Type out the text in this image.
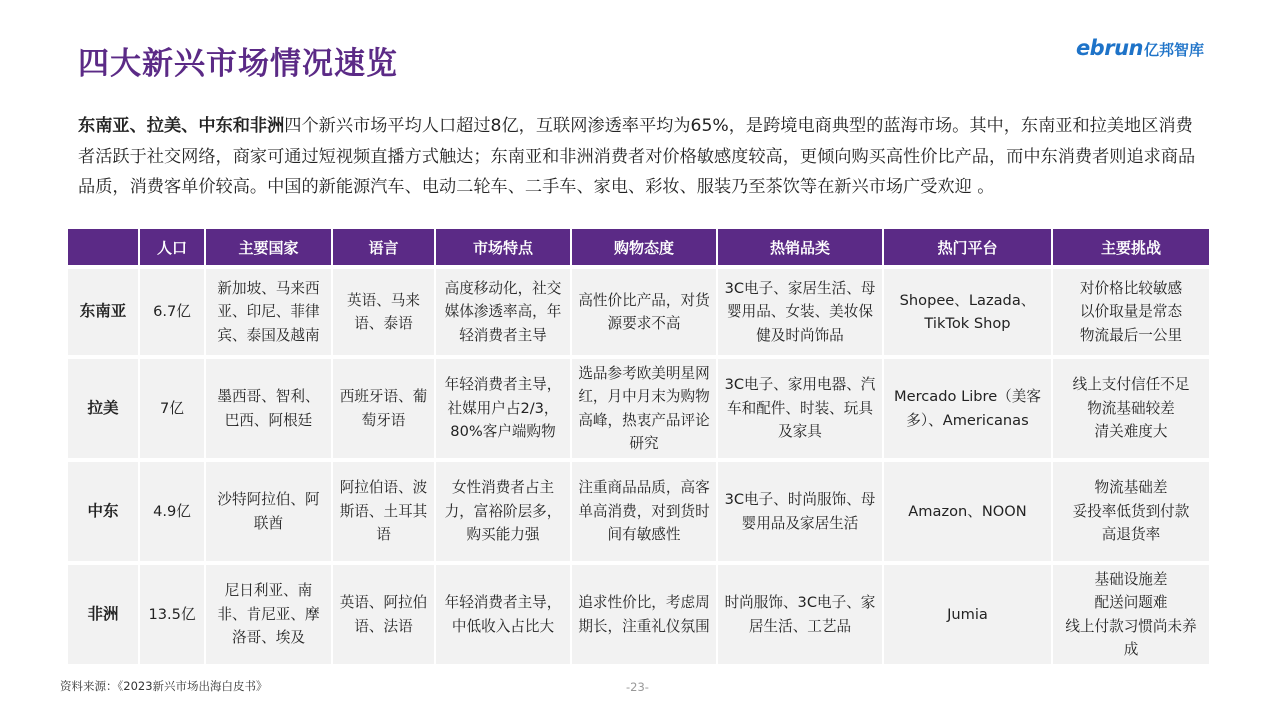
四大新兴市场情况速览	ebrun 亿邦智库
东南亚、拉美、中东和非洲四个新兴市场平均人口超过8亿，互联网渗透率平均为65%，是跨境电商典型的蓝海市场。其中，东南亚和拉美地区消费者活跃于社交网络，商家可通过短视频直播方式触达；东南亚和非洲消费者对价格敏感度较高，更倾向购买高性价比产品，而中东消费者则追求商品品质，消费客单价较高。中国的新能源汽车、电动二轮车、二手车、家电、彩妆、服装乃至茶饮等在新兴市场广受欢迎 。
	人口	主要国家	语言	市场特点	购物态度	热销品类	热门平台	主要挑战
东南亚	6.7亿	新加坡、马来西亚、印尼、菲律宾、泰国及越南	英语、马来语、泰语	高度移动化，社交媒体渗透率高，年轻消费者主导	高性价比产品，对货源要求不高	3C电子、家居生活、母婴用品、女装、美妆保健及时尚饰品	Shopee、Lazada、TikTok Shop	对价格比较敏感
以价取量是常态
物流最后一公里

拉美	7亿	墨西哥、智利、巴西、阿根廷	西班牙语、葡萄牙语	年轻消费者主导，社媒用户占2/3，80%客户端购物	选品参考欧美明星网红，月中月末为购物高峰，热衷产品评论研究	3C电子、家用电器、汽车和配件、时装、玩具及家具	Mercado Libre（美客多）、Americanas	线上支付信任不足
物流基础较差
清关难度大

中东	4.9亿	沙特阿拉伯、阿联酋	阿拉伯语、波斯语、土耳其语	女性消费者占主力，富裕阶层多，购买能力强	注重商品品质，高客单高消费，对到货时间有敏感性	3C电子、时尚服饰、母婴用品及家居生活	Amazon、NOON	物流基础差
妥投率低货到付款
高退货率

非洲	13.5亿	尼日利亚、南非、肯尼亚、摩洛哥、埃及	英语、阿拉伯语、法语	年轻消费者主导，中低收入占比大	追求性价比，考虑周期长，注重礼仪氛围	时尚服饰、3C电子、家居生活、工艺品	Jumia	基础设施差
配送问题难
线上付款习惯尚未养成
资料来源：《2023新兴市场出海白皮书》	-23-
